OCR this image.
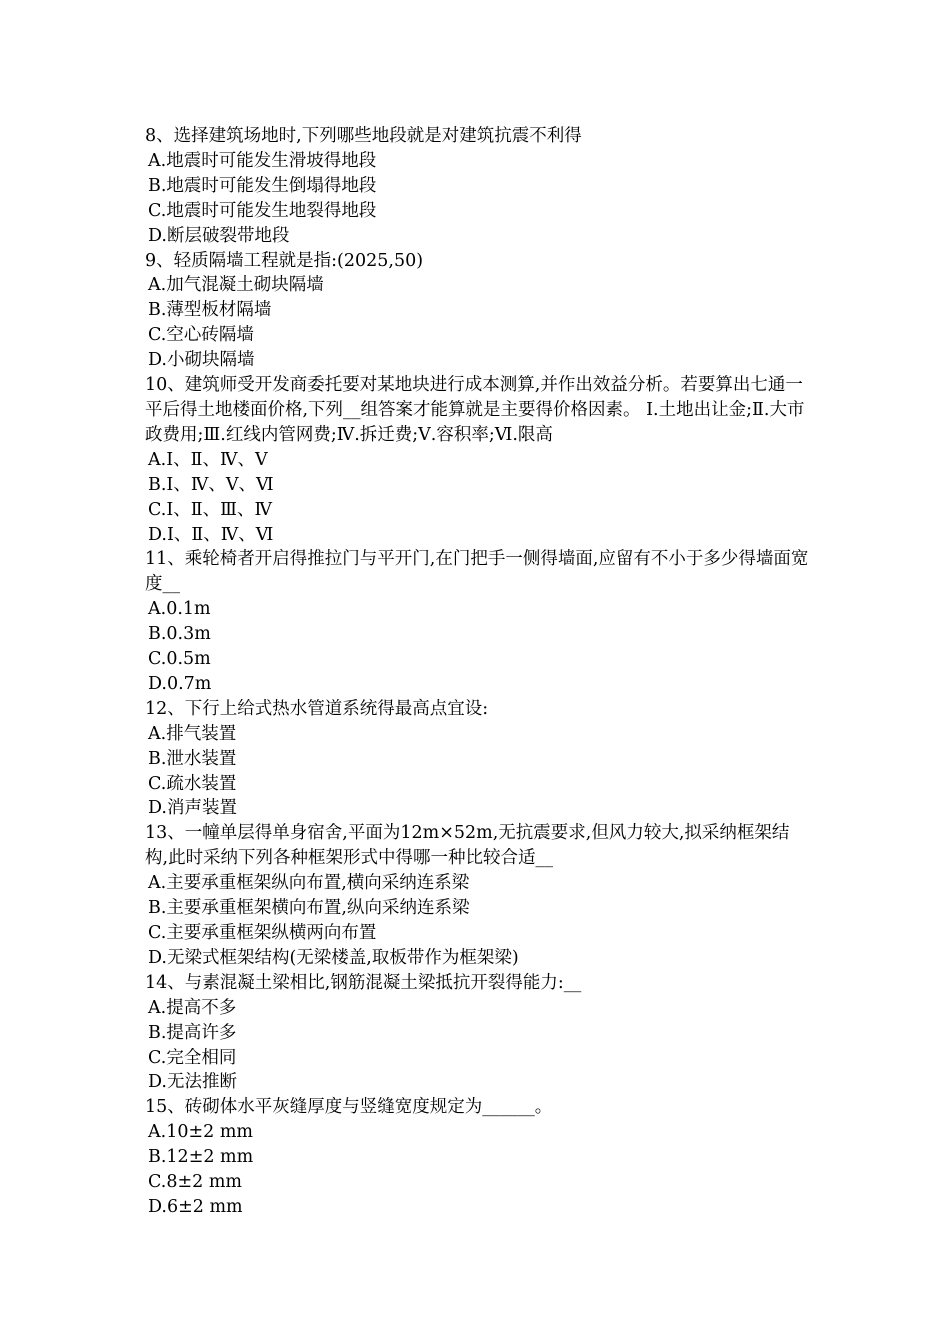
8、选择建筑场地时,下列哪些地段就是对建筑抗震不利得
A.地震时可能发生滑坡得地段
B.地震时可能发生倒塌得地段
C.地震时可能发生地裂得地段
D.断层破裂带地段
9、轻质隔墙工程就是指:(2025,50)
A.加气混凝土砌块隔墙
B.薄型板材隔墙
C.空心砖隔墙
D.小砌块隔墙
10、建筑师受开发商委托要对某地块进行成本测算,并作出效益分析。若要算出七通一平后得土地楼面价格,下列__组答案才能算就是主要得价格因素。 Ⅰ.土地出让金;Ⅱ.大市政费用;Ⅲ.红线内管网费;Ⅳ.拆迁费;Ⅴ.容积率;Ⅵ.限高
A.Ⅰ、Ⅱ、Ⅳ、Ⅴ
B.Ⅰ、Ⅳ、Ⅴ、Ⅵ
C.Ⅰ、Ⅱ、Ⅲ、Ⅳ
D.Ⅰ、Ⅱ、Ⅳ、Ⅵ
11、乘轮椅者开启得推拉门与平开门,在门把手一侧得墙面,应留有不小于多少得墙面宽度__
A.0.1m
B.0.3m
C.0.5m
D.0.7m
12、下行上给式热水管道系统得最高点宜设:
A.排气装置
B.泄水装置
C.疏水装置
D.消声装置
13、一幢单层得单身宿舍,平面为12m×52m,无抗震要求,但风力较大,拟采纳框架结构,此时采纳下列各种框架形式中得哪一种比较合适__
A.主要承重框架纵向布置,横向采纳连系梁
B.主要承重框架横向布置,纵向采纳连系梁
C.主要承重框架纵横两向布置
D.无梁式框架结构(无梁楼盖,取板带作为框架梁)
14、与素混凝土梁相比,钢筋混凝土梁抵抗开裂得能力:__
A.提高不多
B.提高许多
C.完全相同
D.无法推断
15、砖砌体水平灰缝厚度与竖缝宽度规定为______。
A.10±2 mm
B.12±2 mm
C.8±2 mm
D.6±2 mm
